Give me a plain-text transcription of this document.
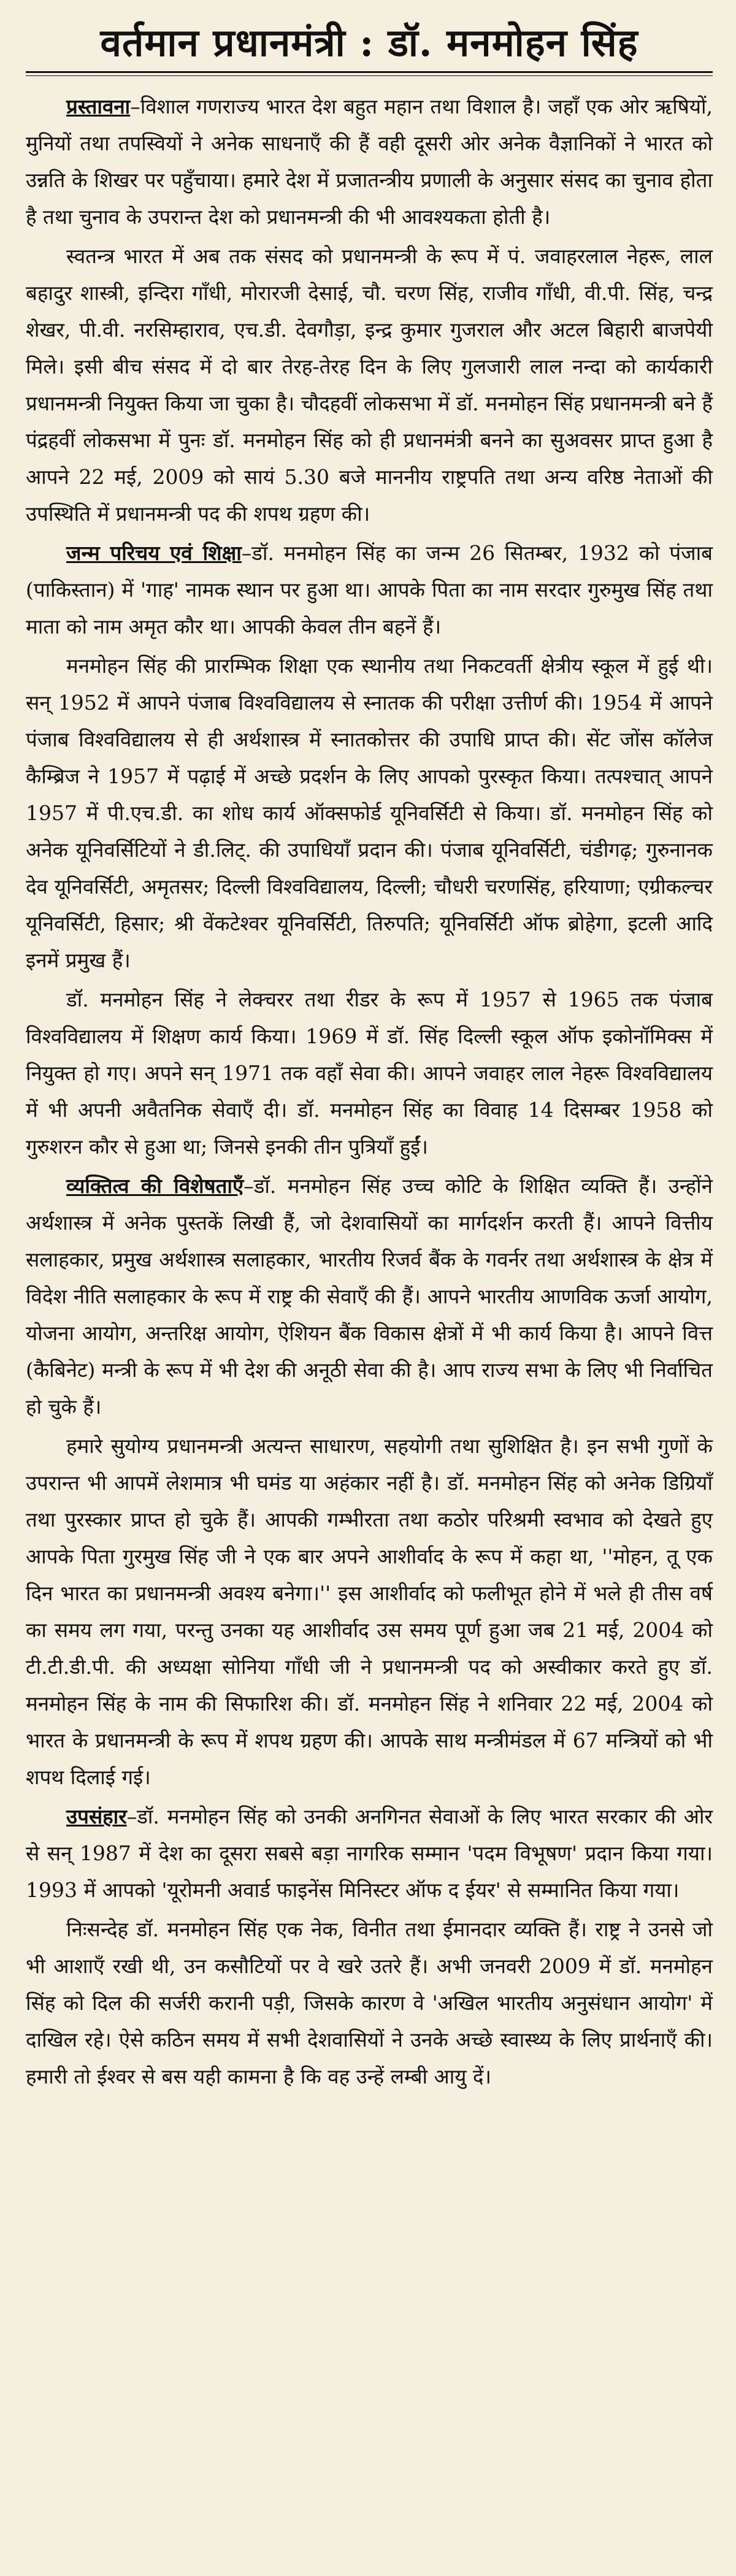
वर्तमान प्रधानमंत्री : डॉ. मनमोहन सिंह

प्रस्तावना–विशाल गणराज्य भारत देश बहुत महान तथा विशाल है। जहाँ एक ओर ऋषियों, मुनियों तथा तपस्वियों ने अनेक साधनाएँ की हैं वही दूसरी ओर अनेक वैज्ञानिकों ने भारत को उन्नति के शिखर पर पहुँचाया। हमारे देश में प्रजातन्त्रीय प्रणाली के अनुसार संसद का चुनाव होता है तथा चुनाव के उपरान्त देश को प्रधानमन्त्री की भी आवश्यकता होती है।

स्वतन्त्र भारत में अब तक संसद को प्रधानमन्त्री के रूप में पं. जवाहरलाल नेहरू, लाल बहादुर शास्त्री, इन्दिरा गाँधी, मोरारजी देसाई, चौ. चरण सिंह, राजीव गाँधी, वी.पी. सिंह, चन्द्र शेखर, पी.वी. नरसिम्हाराव, एच.डी. देवगौड़ा, इन्द्र कुमार गुजराल और अटल बिहारी बाजपेयी मिले। इसी बीच संसद में दो बार तेरह-तेरह दिन के लिए गुलजारी लाल नन्दा को कार्यकारी प्रधानमन्त्री नियुक्त किया जा चुका है। चौदहवीं लोकसभा में डॉ. मनमोहन सिंह प्रधानमन्त्री बने हैं पंद्रहवीं लोकसभा में पुनः डॉ. मनमोहन सिंह को ही प्रधानमंत्री बनने का सुअवसर प्राप्त हुआ है आपने 22 मई, 2009 को सायं 5.30 बजे माननीय राष्ट्रपति तथा अन्य वरिष्ठ नेताओं की उपस्थिति में प्रधानमन्त्री पद की शपथ ग्रहण की।

जन्म परिचय एवं शिक्षा–डॉ. मनमोहन सिंह का जन्म 26 सितम्बर, 1932 को पंजाब (पाकिस्तान) में 'गाह' नामक स्थान पर हुआ था। आपके पिता का नाम सरदार गुरुमुख सिंह तथा माता को नाम अमृत कौर था। आपकी केवल तीन बहनें हैं।

मनमोहन सिंह की प्रारम्भिक शिक्षा एक स्थानीय तथा निकटवर्ती क्षेत्रीय स्कूल में हुई थी। सन् 1952 में आपने पंजाब विश्वविद्यालय से स्नातक की परीक्षा उत्तीर्ण की। 1954 में आपने पंजाब विश्वविद्यालय से ही अर्थशास्त्र में स्नातकोत्तर की उपाधि प्राप्त की। सेंट जोंस कॉलेज कैम्ब्रिज ने 1957 में पढ़ाई में अच्छे प्रदर्शन के लिए आपको पुरस्कृत किया। तत्पश्चात् आपने 1957 में पी.एच.डी. का शोध कार्य ऑक्सफोर्ड यूनिवर्सिटी से किया। डॉ. मनमोहन सिंह को अनेक यूनिवर्सिटियों ने डी.लिट्. की उपाधियाँ प्रदान की। पंजाब यूनिवर्सिटी, चंडीगढ़; गुरुनानक देव यूनिवर्सिटी, अमृतसर; दिल्ली विश्वविद्यालय, दिल्ली; चौधरी चरणसिंह, हरियाणा; एग्रीकल्चर यूनिवर्सिटी, हिसार; श्री वेंकटेश्वर यूनिवर्सिटी, तिरुपति; यूनिवर्सिटी ऑफ ब्रोहेगा, इटली आदि इनमें प्रमुख हैं।

डॉ. मनमोहन सिंह ने लेक्चरर तथा रीडर के रूप में 1957 से 1965 तक पंजाब विश्वविद्यालय में शिक्षण कार्य किया। 1969 में डॉ. सिंह दिल्ली स्कूल ऑफ इकोनॉमिक्स में नियुक्त हो गए। अपने सन् 1971 तक वहाँ सेवा की। आपने जवाहर लाल नेहरू विश्वविद्यालय में भी अपनी अवैतनिक सेवाएँ दी। डॉ. मनमोहन सिंह का विवाह 14 दिसम्बर 1958 को गुरुशरन कौर से हुआ था; जिनसे इनकी तीन पुत्रियाँ हुईं।

व्यक्तित्व की विशेषताएँ–डॉ. मनमोहन सिंह उच्च कोटि के शिक्षित व्यक्ति हैं। उन्होंने अर्थशास्त्र में अनेक पुस्तकें लिखी हैं, जो देशवासियों का मार्गदर्शन करती हैं। आपने वित्तीय सलाहकार, प्रमुख अर्थशास्त्र सलाहकार, भारतीय रिजर्व बैंक के गवर्नर तथा अर्थशास्त्र के क्षेत्र में विदेश नीति सलाहकार के रूप में राष्ट्र की सेवाएँ की हैं। आपने भारतीय आणविक ऊर्जा आयोग, योजना आयोग, अन्तरिक्ष आयोग, ऐशियन बैंक विकास क्षेत्रों में भी कार्य किया है। आपने वित्त (कैबिनेट) मन्त्री के रूप में भी देश की अनूठी सेवा की है। आप राज्य सभा के लिए भी निर्वाचित हो चुके हैं।

हमारे सुयोग्य प्रधानमन्त्री अत्यन्त साधारण, सहयोगी तथा सुशिक्षित है। इन सभी गुणों के उपरान्त भी आपमें लेशमात्र भी घमंड या अहंकार नहीं है। डॉ. मनमोहन सिंह को अनेक डिग्रियाँ तथा पुरस्कार प्राप्त हो चुके हैं। आपकी गम्भीरता तथा कठोर परिश्रमी स्वभाव को देखते हुए आपके पिता गुरमुख सिंह जी ने एक बार अपने आशीर्वाद के रूप में कहा था, ''मोहन, तू एक दिन भारत का प्रधानमन्त्री अवश्य बनेगा।'' इस आशीर्वाद को फलीभूत होने में भले ही तीस वर्ष का समय लग गया, परन्तु उनका यह आशीर्वाद उस समय पूर्ण हुआ जब 21 मई, 2004 को टी.टी.डी.पी. की अध्यक्षा सोनिया गाँधी जी ने प्रधानमन्त्री पद को अस्वीकार करते हुए डॉ. मनमोहन सिंह के नाम की सिफारिश की। डॉ. मनमोहन सिंह ने शनिवार 22 मई, 2004 को भारत के प्रधानमन्त्री के रूप में शपथ ग्रहण की। आपके साथ मन्त्रीमंडल में 67 मन्त्रियों को भी शपथ दिलाई गई।

उपसंहार–डॉ. मनमोहन सिंह को उनकी अनगिनत सेवाओं के लिए भारत सरकार की ओर से सन् 1987 में देश का दूसरा सबसे बड़ा नागरिक सम्मान 'पदम विभूषण' प्रदान किया गया। 1993 में आपको 'यूरोमनी अवार्ड फाइनेंस मिनिस्टर ऑफ द ईयर' से सम्मानित किया गया।

निःसन्देह डॉ. मनमोहन सिंह एक नेक, विनीत तथा ईमानदार व्यक्ति हैं। राष्ट्र ने उनसे जो भी आशाएँ रखी थी, उन कसौटियों पर वे खरे उतरे हैं। अभी जनवरी 2009 में डॉ. मनमोहन सिंह को दिल की सर्जरी करानी पड़ी, जिसके कारण वे 'अखिल भारतीय अनुसंधान आयोग' में दाखिल रहे। ऐसे कठिन समय में सभी देशवासियों ने उनके अच्छे स्वास्थ्य के लिए प्रार्थनाएँ की। हमारी तो ईश्वर से बस यही कामना है कि वह उन्हें लम्बी आयु दें।
